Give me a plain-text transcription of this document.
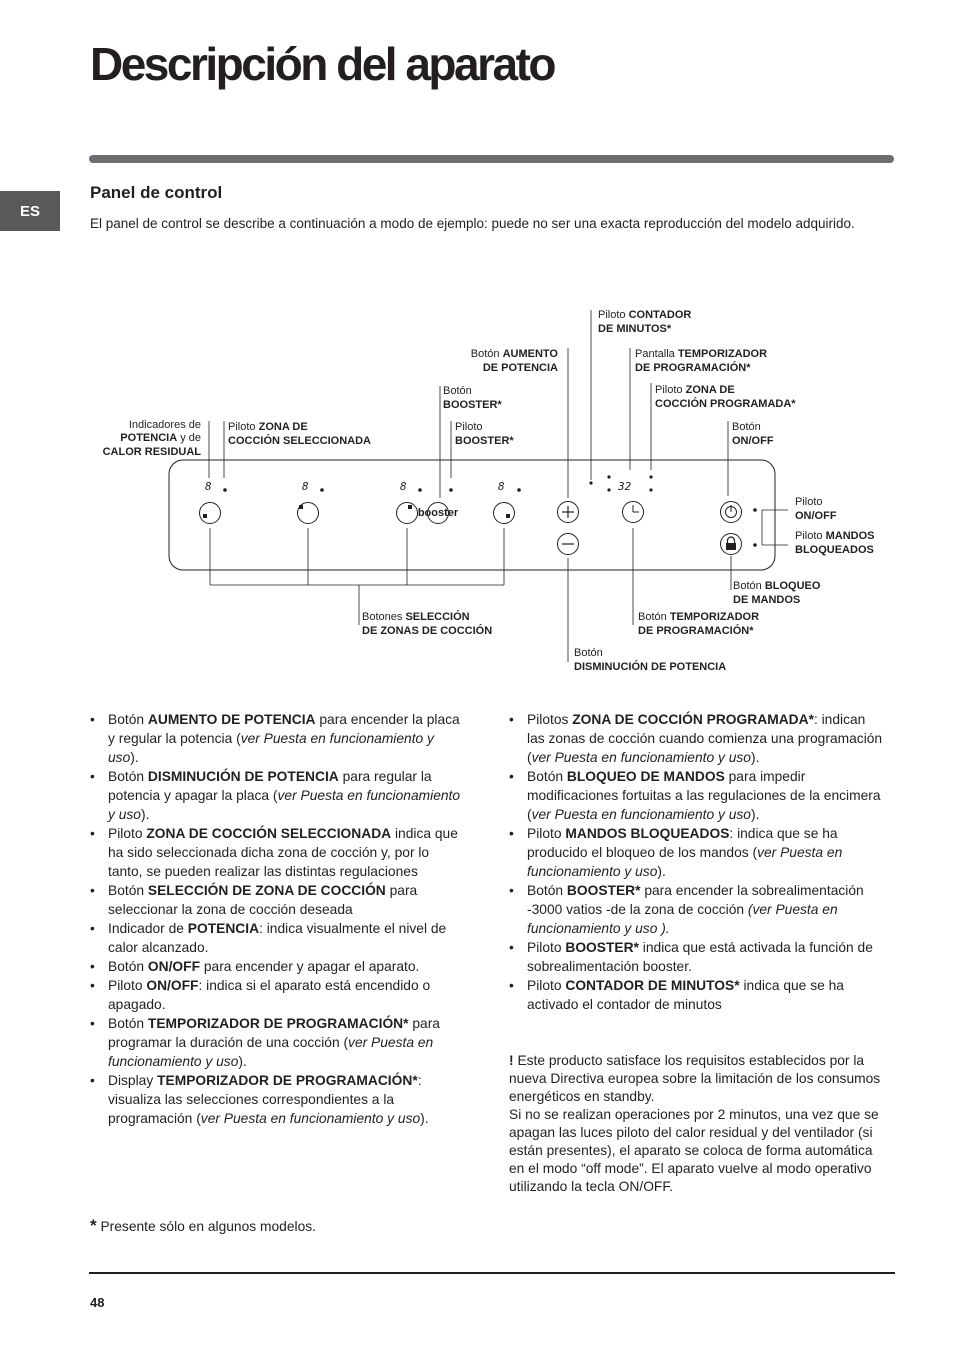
Descripción del aparato
ES
Panel de control

El panel de control se describe a continuación a modo de ejemplo: puede no ser una exacta reproducción del modelo adquirido.

8	8	8	8
booster
32
Indicadores de
POTENCIA y de
CALOR RESIDUAL
Piloto ZONA DE
COCCIÓN SELECCIONADA
Botón
BOOSTER*
Piloto
BOOSTER*
Botón AUMENTO
DE POTENCIA
Piloto CONTADOR
DE MINUTOS*
Pantalla TEMPORIZADOR
DE PROGRAMACIÓN*
Piloto ZONA DE
COCCIÓN PROGRAMADA*
Botón
ON/OFF
Piloto
ON/OFF
Piloto MANDOS
BLOQUEADOS
Botón BLOQUEO
DE MANDOS
Botones SELECCIÓN
DE ZONAS DE COCCIÓN
Botón TEMPORIZADOR
DE PROGRAMACIÓN*
Botón
DISMINUCIÓN DE POTENCIA
• Botón AUMENTO DE POTENCIA para encender la placa y regular la potencia (ver Puesta en funcionamiento y uso).
• Botón DISMINUCIÓN DE POTENCIA para regular la potencia y apagar la placa (ver Puesta en funcionamiento y uso).
• Piloto ZONA DE COCCIÓN SELECCIONADA indica que ha sido seleccionada dicha zona de cocción y, por lo tanto, se pueden realizar las distintas regulaciones
• Botón SELECCIÓN DE ZONA DE COCCIÓN para seleccionar la zona de cocción deseada
• Indicador de POTENCIA: indica visualmente el nivel de calor alcanzado.
• Botón ON/OFF para encender y apagar el aparato.
• Piloto ON/OFF: indica si el aparato está encendido o apagado.
• Botón TEMPORIZADOR DE PROGRAMACIÓN* para programar la duración de una cocción (ver Puesta en funcionamiento y uso).
• Display TEMPORIZADOR DE PROGRAMACIÓN*: visualiza las selecciones correspondientes a la programación (ver Puesta en funcionamiento y uso).
• Pilotos ZONA DE COCCIÓN PROGRAMADA*: indican las zonas de cocción cuando comienza una programación (ver Puesta en funcionamiento y uso).
• Botón BLOQUEO DE MANDOS para impedir modificaciones fortuitas a las regulaciones de la encimera (ver Puesta en funcionamiento y uso).
• Piloto MANDOS BLOQUEADOS: indica que se ha producido el bloqueo de los mandos (ver Puesta en funcionamiento y uso).
• Botón BOOSTER* para encender la sobrealimentación -3000 vatios -de la zona de cocción (ver Puesta en funcionamiento y uso ).
• Piloto BOOSTER* indica que está activada la función de sobrealimentación booster.
• Piloto CONTADOR DE MINUTOS* indica que se ha activado el contador de minutos
! Este producto satisface los requisitos establecidos por la nueva Directiva europea sobre la limitación de los consumos energéticos en standby.
Si no se realizan operaciones por 2 minutos, una vez que se apagan las luces piloto del calor residual y del ventilador (si están presentes), el aparato se coloca de forma automática en el modo “off mode”. El aparato vuelve al modo operativo utilizando la tecla ON/OFF.

* Presente sólo en algunos modelos.

48
